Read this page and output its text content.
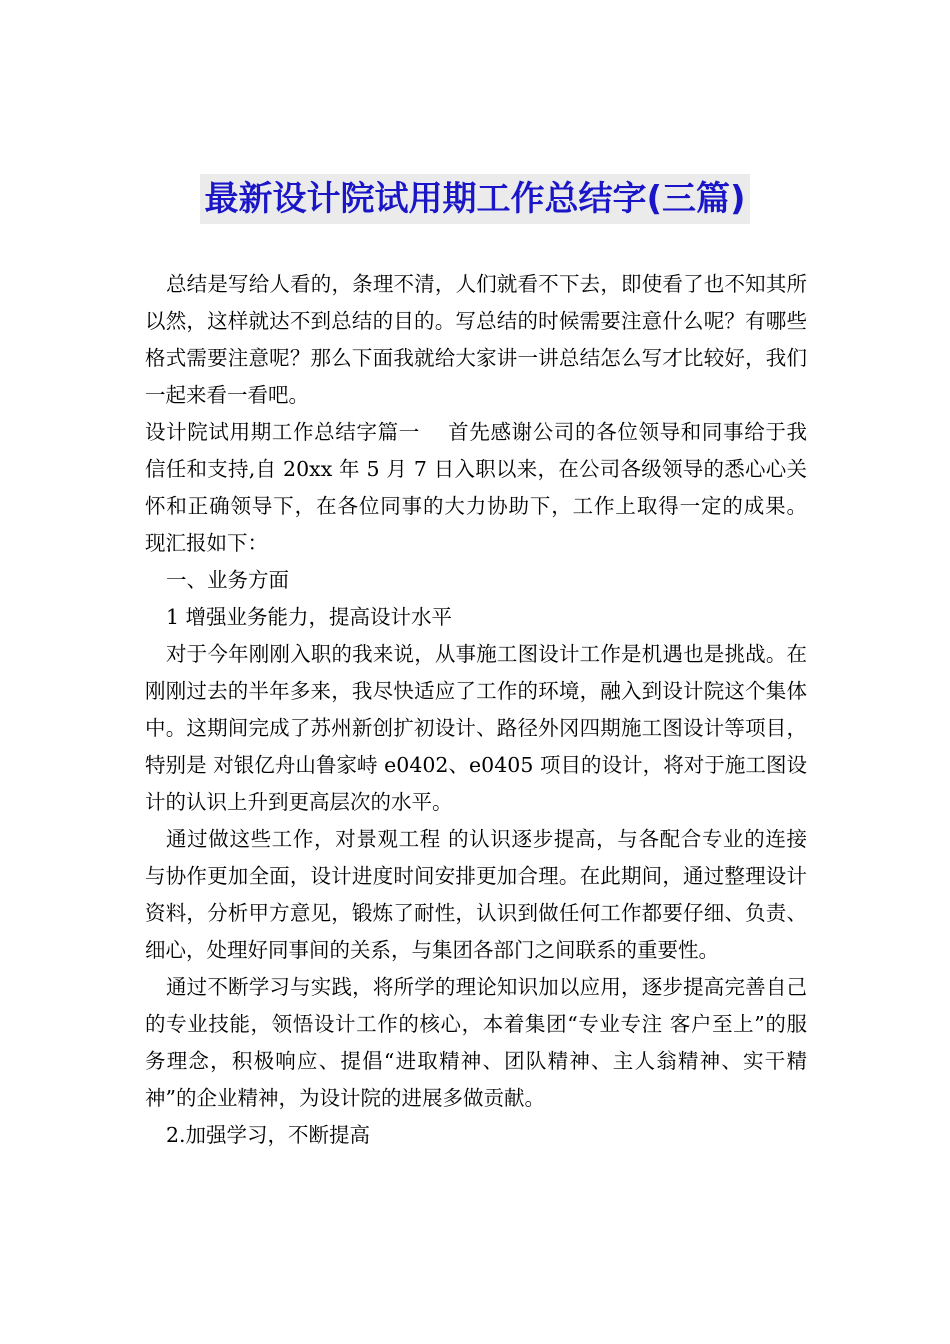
最新设计院试用期工作总结字(三篇)

总结是写给人看的，条理不清，人们就看不下去，即使看了也不知其所以然，这样就达不到总结的目的。写总结的时候需要注意什么呢？有哪些格式需要注意呢？那么下面我就给大家讲一讲总结怎么写才比较好，我们一起来看一看吧。

设计院试用期工作总结字篇一　 首先感谢公司的各位领导和同事给于我信任和支持,自 20xx 年 5 月 7 日入职以来，在公司各级领导的悉心心关怀和正确领导下，在各位同事的大力协助下，工作上取得一定的成果。 现汇报如下：

一、业务方面

1 增强业务能力，提高设计水平

对于今年刚刚入职的我来说，从事施工图设计工作是机遇也是挑战。在刚刚过去的半年多来，我尽快适应了工作的环境，融入到设计院这个集体中。这期间完成了苏州新创扩初设计、路径外冈四期施工图设计等项目，特别是 对银亿舟山鲁家峙 e0402、e0405 项目的设计，将对于施工图设计的认识上升到更高层次的水平。

通过做这些工作，对景观工程 的认识逐步提高，与各配合专业的连接与协作更加全面，设计进度时间安排更加合理。在此期间，通过整理设计资料，分析甲方意见，锻炼了耐性，认识到做任何工作都要仔细、负责、细心，处理好同事间的关系，与集团各部门之间联系的重要性。

通过不断学习与实践，将所学的理论知识加以应用，逐步提高完善自己的专业技能，领悟设计工作的核心，本着集团“专业专注 客户至上”的服务理念，积极响应、提倡“进取精神、团队精神、主人翁精神、实干精神”的企业精神，为设计院的进展多做贡献。

2.加强学习，不断提高
